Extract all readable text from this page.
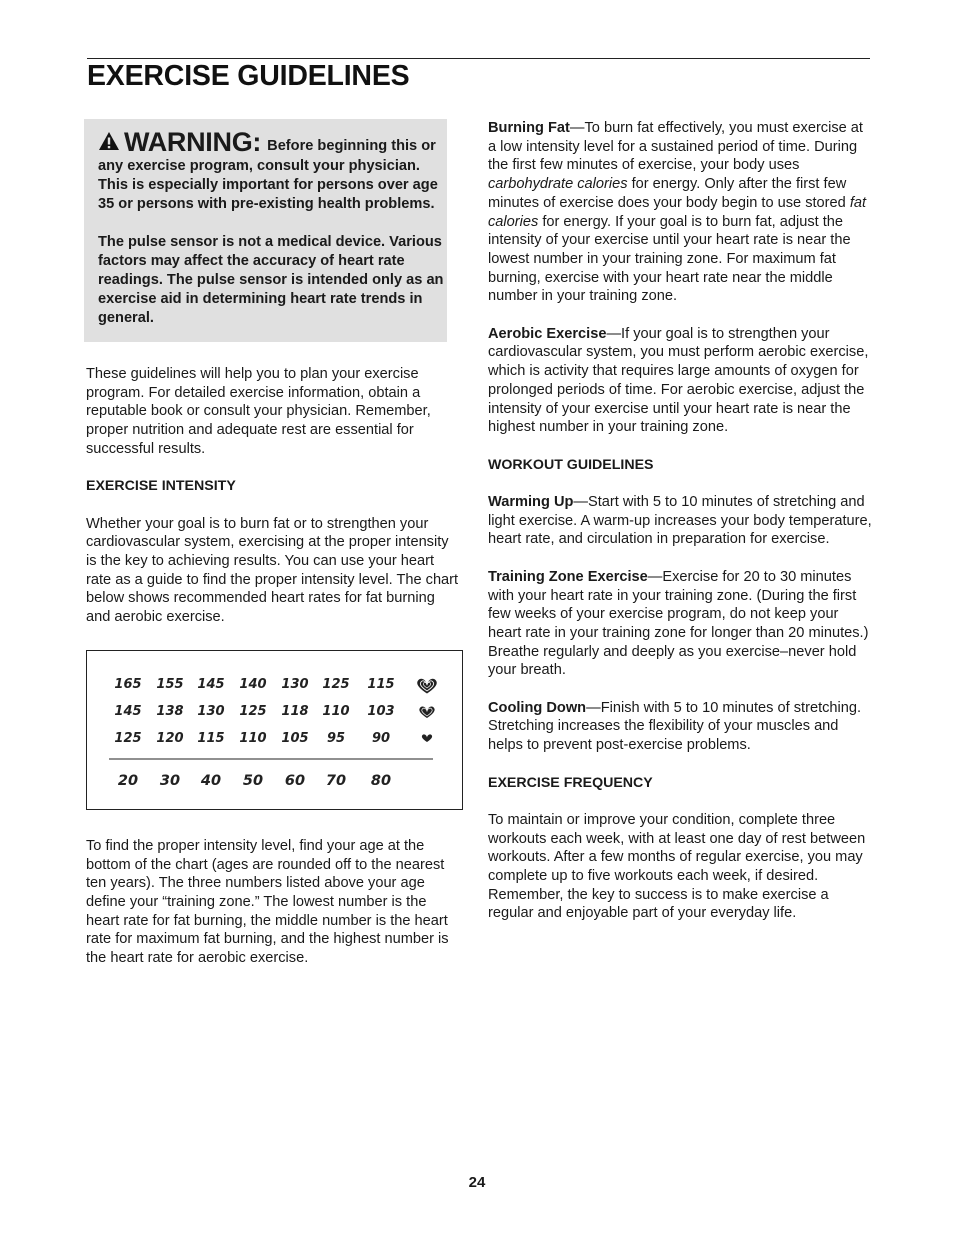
EXERCISE GUIDELINES

WARNING: Before beginning this or any exercise program, consult your physician. This is especially important for persons over age 35 or persons with pre-existing health problems.

The pulse sensor is not a medical device. Various factors may affect the accuracy of heart rate readings. The pulse sensor is intended only as an exercise aid in determining heart rate trends in general.

These guidelines will help you to plan your exercise program. For detailed exercise information, obtain a reputable book or consult your physician. Remember, proper nutrition and adequate rest are essential for successful results.

EXERCISE INTENSITY

Whether your goal is to burn fat or to strengthen your cardiovascular system, exercising at the proper intensity is the key to achieving results. You can use your heart rate as a guide to find the proper intensity level. The chart below shows recommended heart rates for fat burning and aerobic exercise.

165 155 145 140 130 125 115
145 138 130 125 118 110 103
125 120 115 110 105 95 90
20 30 40 50 60 70 80

To find the proper intensity level, find your age at the bottom of the chart (ages are rounded off to the nearest ten years). The three numbers listed above your age define your “training zone.” The lowest number is the heart rate for fat burning, the middle number is the heart rate for maximum fat burning, and the highest number is the heart rate for aerobic exercise.

Burning Fat—To burn fat effectively, you must exercise at a low intensity level for a sustained period of time. During the first few minutes of exercise, your body uses carbohydrate calories for energy. Only after the first few minutes of exercise does your body begin to use stored fat calories for energy. If your goal is to burn fat, adjust the intensity of your exercise until your heart rate is near the lowest number in your training zone. For maximum fat burning, exercise with your heart rate near the middle number in your training zone.

Aerobic Exercise—If your goal is to strengthen your cardiovascular system, you must perform aerobic exercise, which is activity that requires large amounts of oxygen for prolonged periods of time. For aerobic exercise, adjust the intensity of your exercise until your heart rate is near the highest number in your training zone.

WORKOUT GUIDELINES

Warming Up—Start with 5 to 10 minutes of stretching and light exercise. A warm-up increases your body temperature, heart rate, and circulation in preparation for exercise.

Training Zone Exercise—Exercise for 20 to 30 minutes with your heart rate in your training zone. (During the first few weeks of your exercise program, do not keep your heart rate in your training zone for longer than 20 minutes.) Breathe regularly and deeply as you exercise–never hold your breath.

Cooling Down—Finish with 5 to 10 minutes of stretching. Stretching increases the flexibility of your muscles and helps to prevent post-exercise problems.

EXERCISE FREQUENCY

To maintain or improve your condition, complete three workouts each week, with at least one day of rest between workouts. After a few months of regular exercise, you may complete up to five workouts each week, if desired. Remember, the key to success is to make exercise a regular and enjoyable part of your everyday life.

24
